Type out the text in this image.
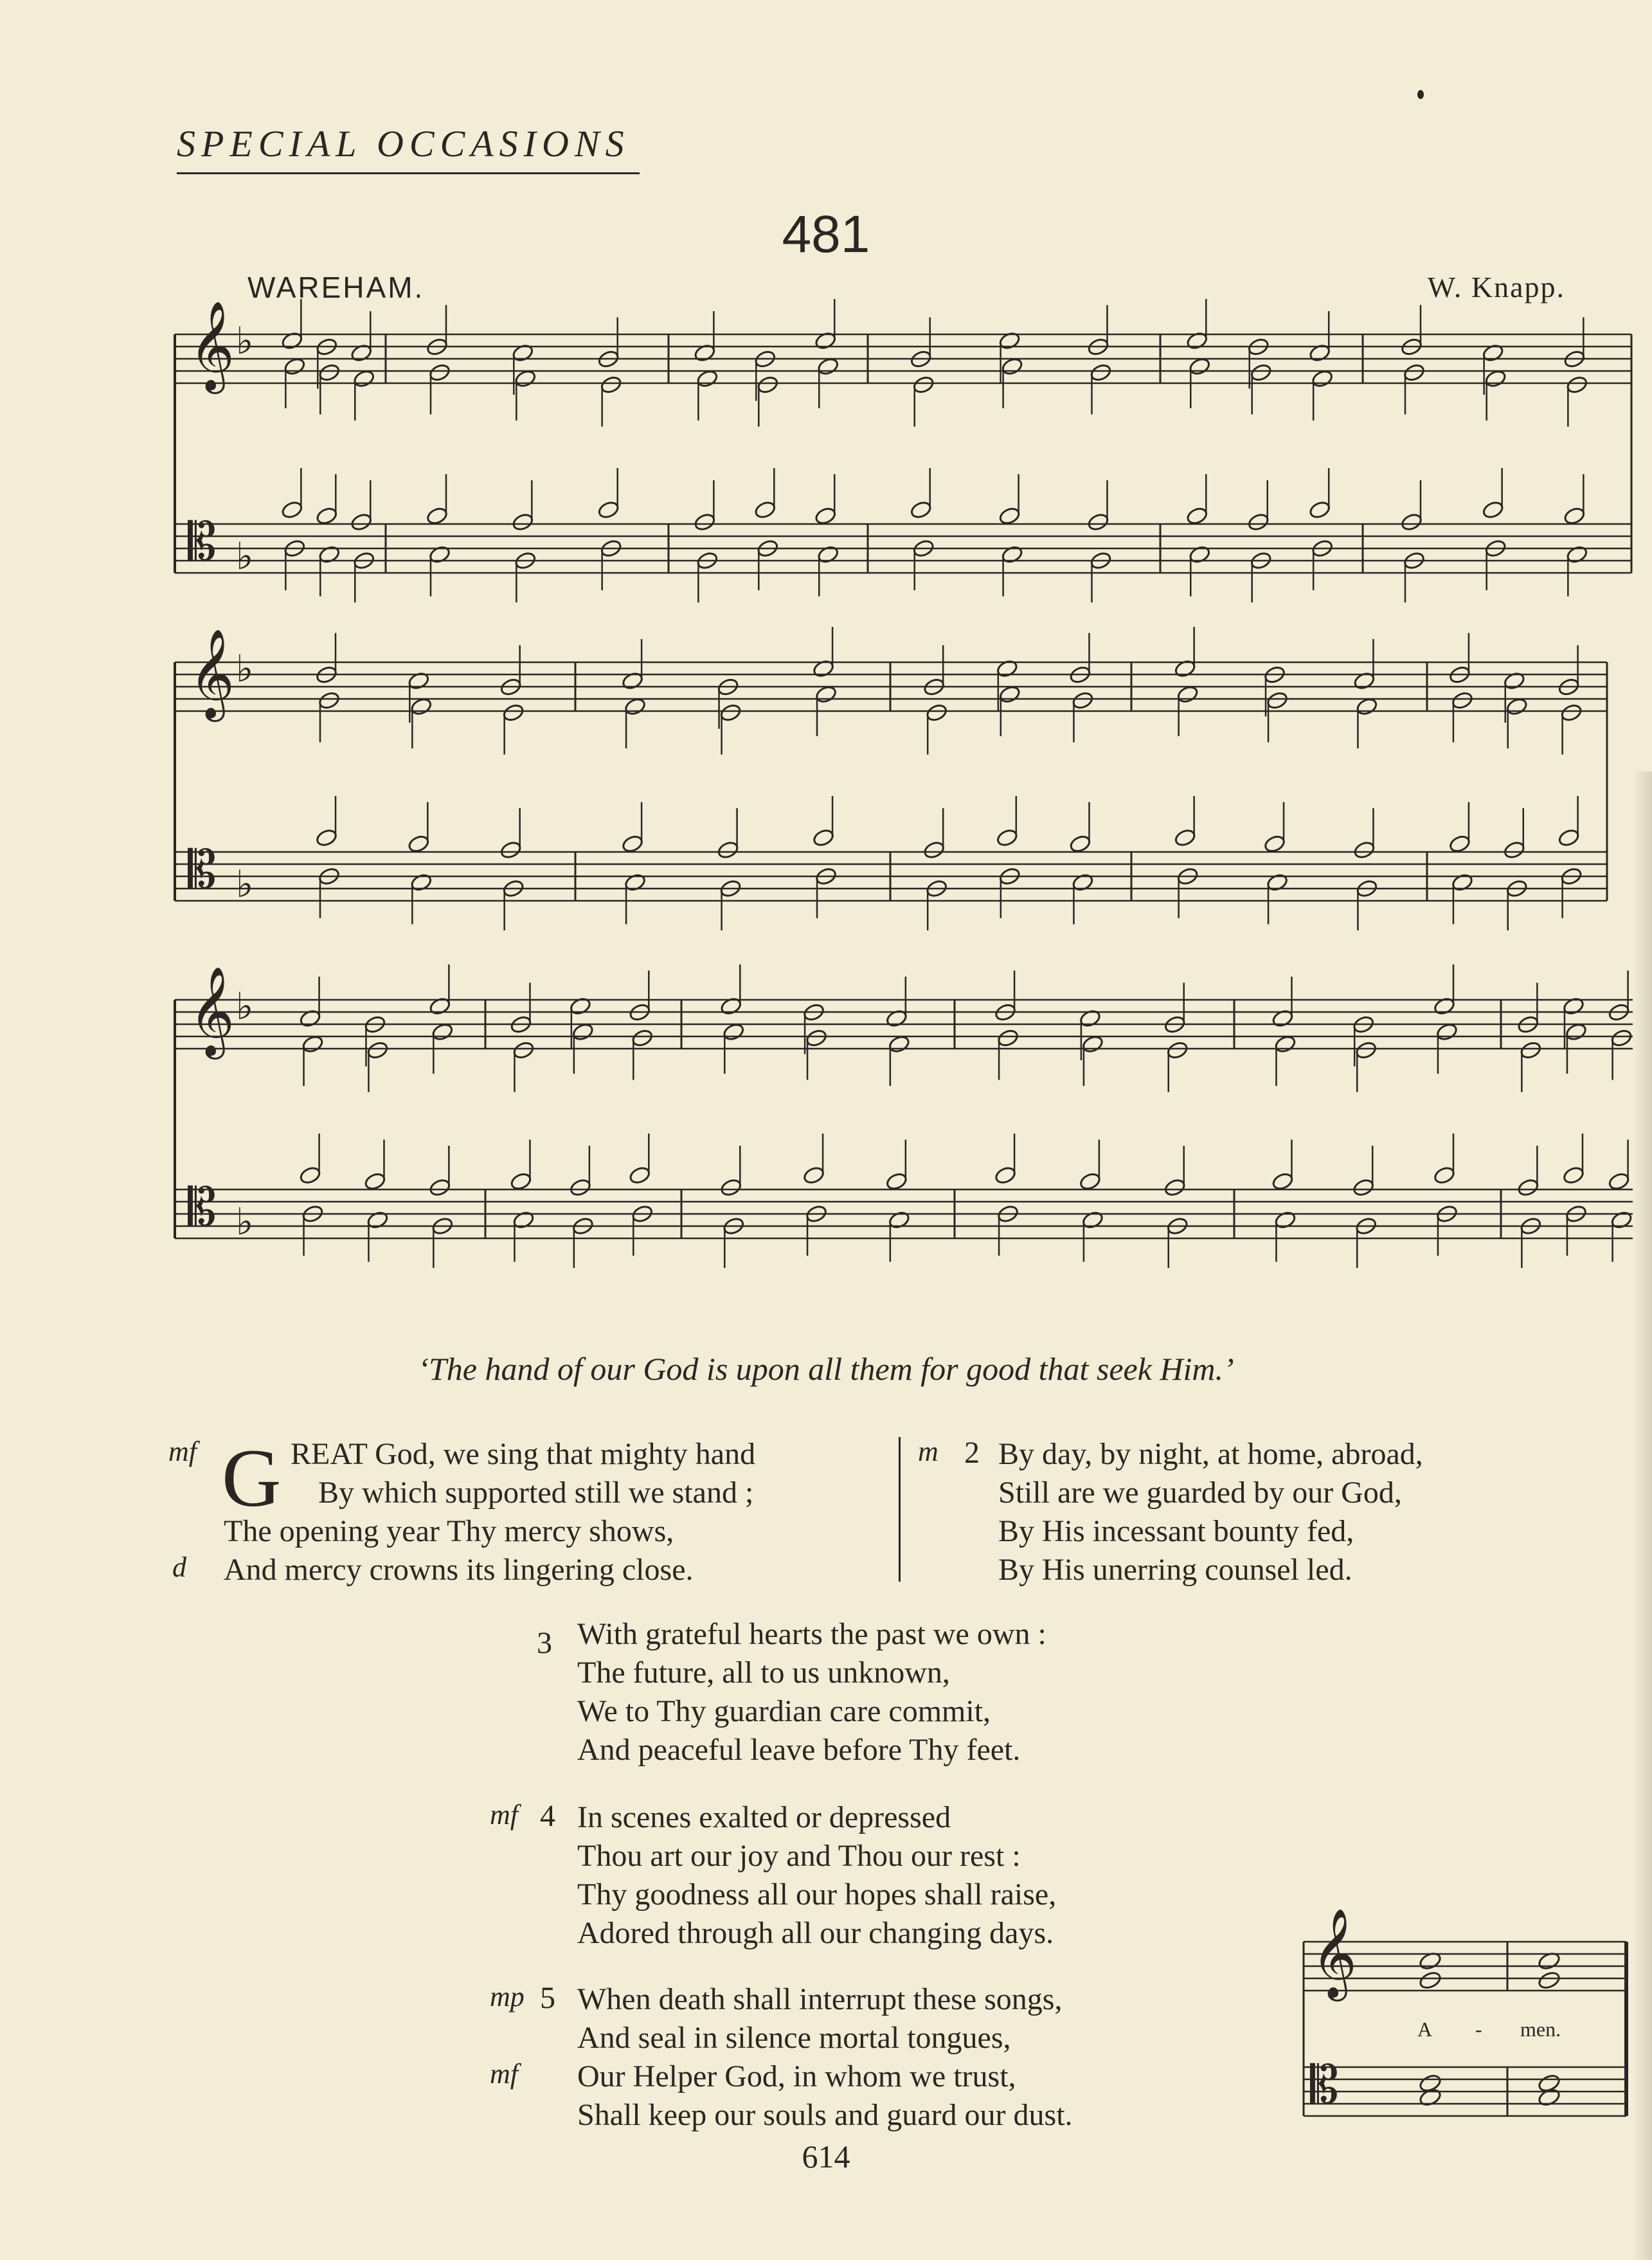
SPECIAL OCCASIONS
481
WAREHAM.	W. Knapp.
𝄞
𝄡
♭
♭
𝄞
𝄡
♭
♭
𝄞
𝄡
♭
♭
𝄞
𝄡
‘The hand of our God is upon all them for good that seek Him.’
mf G REAT God, we sing that mighty hand
By which supported still we stand ;
The opening year Thy mercy shows,
And mercy crowns its lingering close.
d
m 2 By day, by night, at home, abroad,
Still are we guarded by our God,
By His incessant bounty fed,
By His unerring counsel led.
3 With grateful hearts the past we own :
The future, all to us unknown,
We to Thy guardian care commit,
And peaceful leave before Thy feet.
mf 4 In scenes exalted or depressed
Thou art our joy and Thou our rest :
Thy goodness all our hopes shall raise,
Adored through all our changing days.
mp 5
mf
When death shall interrupt these songs,
And seal in silence mortal tongues,
Our Helper God, in whom we trust,
Shall keep our souls and guard our dust.
A - men.
614
